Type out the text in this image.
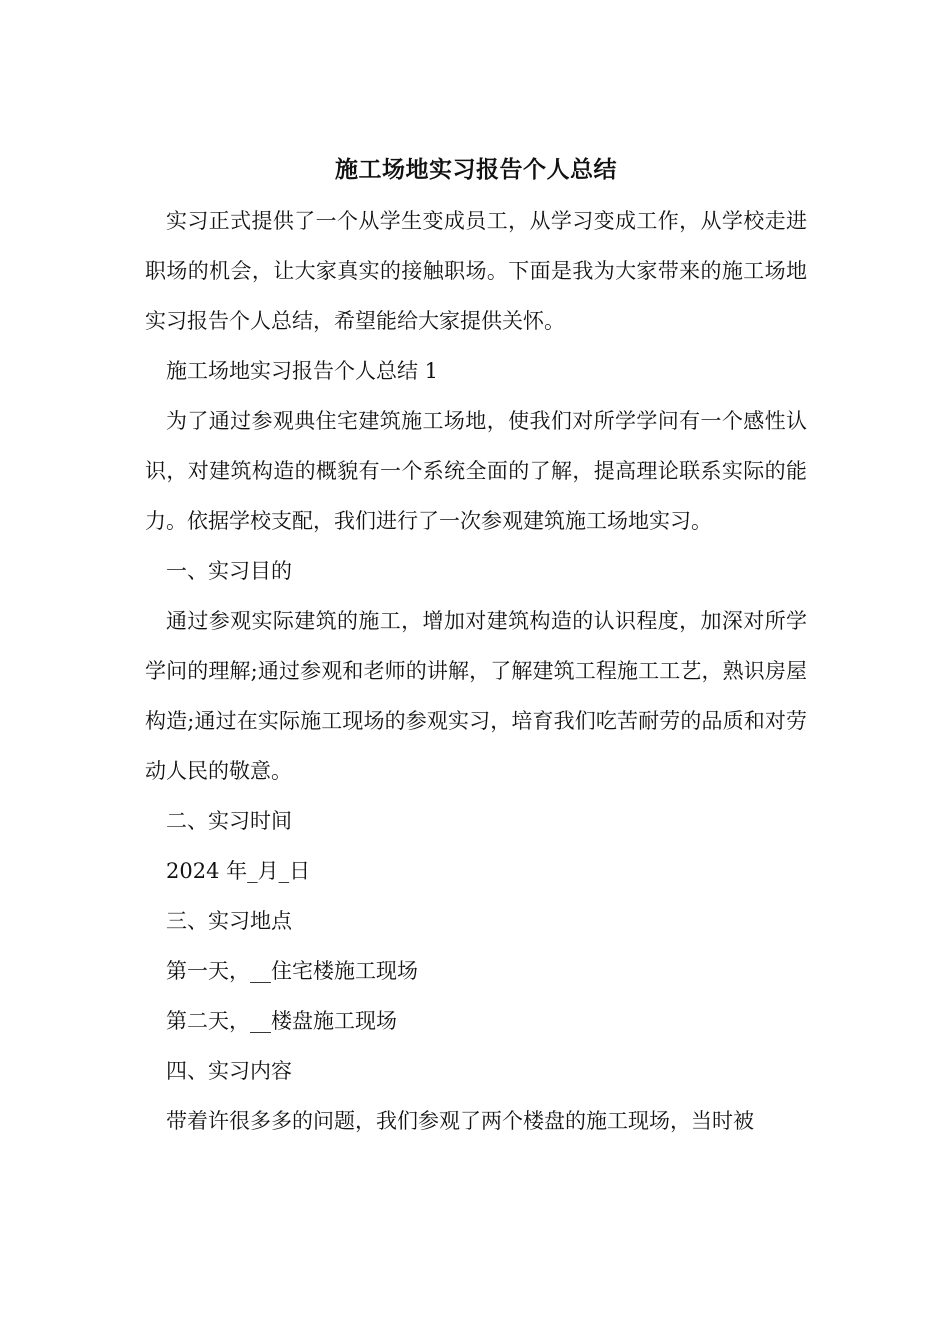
施工场地实习报告个人总结

实习正式提供了一个从学生变成员工，从学习变成工作，从学校走进职场的机会，让大家真实的接触职场。下面是我为大家带来的施工场地实习报告个人总结，希望能给大家提供关怀。

施工场地实习报告个人总结 1

为了通过参观典住宅建筑施工场地，使我们对所学学问有一个感性认识，对建筑构造的概貌有一个系统全面的了解，提高理论联系实际的能力。依据学校支配，我们进行了一次参观建筑施工场地实习。

一、实习目的

通过参观实际建筑的施工，增加对建筑构造的认识程度，加深对所学学问的理解;通过参观和老师的讲解，了解建筑工程施工工艺，熟识房屋构造;通过在实际施工现场的参观实习，培育我们吃苦耐劳的品质和对劳动人民的敬意。

二、实习时间

2024 年_月_日

三、实习地点

第一天，__住宅楼施工现场

第二天，__楼盘施工现场

四、实习内容

带着许很多多的问题，我们参观了两个楼盘的施工现场，当时被
